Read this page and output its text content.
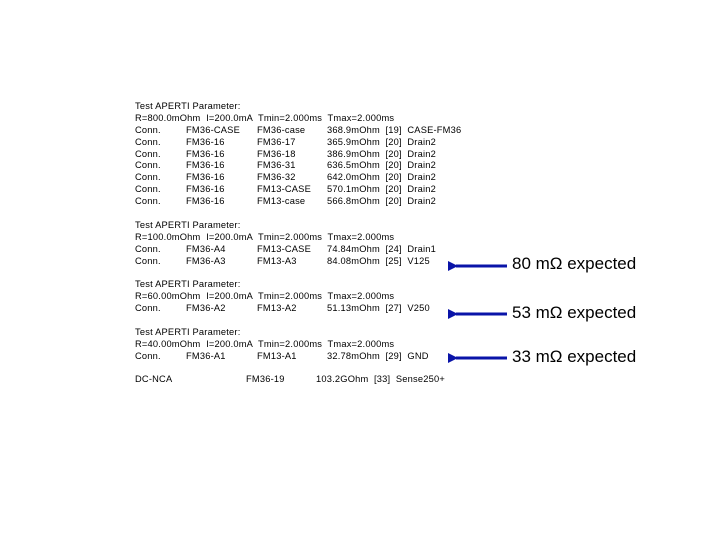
Test APERTI Parameter:
R=800.0mOhm  I=200.0mA  Tmin=2.000ms  Tmax=2.000ms
Conn.	FM36-CASE FM36-case 368.9mOhm  [19]  CASE-FM36
Conn.	FM36-16	FM36-17	365.9mOhm  [20]  Drain2
Conn.	FM36-16	FM36-18	386.9mOhm  [20]  Drain2
Conn.	FM36-16	FM36-31	636.5mOhm  [20]  Drain2
Conn.	FM36-16	FM36-32	642.0mOhm  [20]  Drain2
Conn.	FM36-16	FM13-CASE 570.1mOhm  [20]  Drain2
Conn.	FM36-16	FM13-case 566.8mOhm  [20]  Drain2
Test APERTI Parameter:
R=100.0mOhm  I=200.0mA  Tmin=2.000ms  Tmax=2.000ms
Conn.	FM36-A4	FM13-CASE 74.84mOhm  [24]  Drain1
Conn.	FM36-A3	FM13-A3	84.08mOhm  [25]  V125
Test APERTI Parameter:
R=60.00mOhm  I=200.0mA  Tmin=2.000ms  Tmax=2.000ms
Conn.	FM36-A2	FM13-A2	51.13mOhm  [27]  V250
Test APERTI Parameter:
R=40.00mOhm  I=200.0mA  Tmin=2.000ms  Tmax=2.000ms
Conn.	FM36-A1	FM13-A1	32.78mOhm  [29]  GND
DC-NCA	FM36-19	103.2GOhm  [33]  Sense250+
80 mΩ expected
53 mΩ expected
33 mΩ expected
